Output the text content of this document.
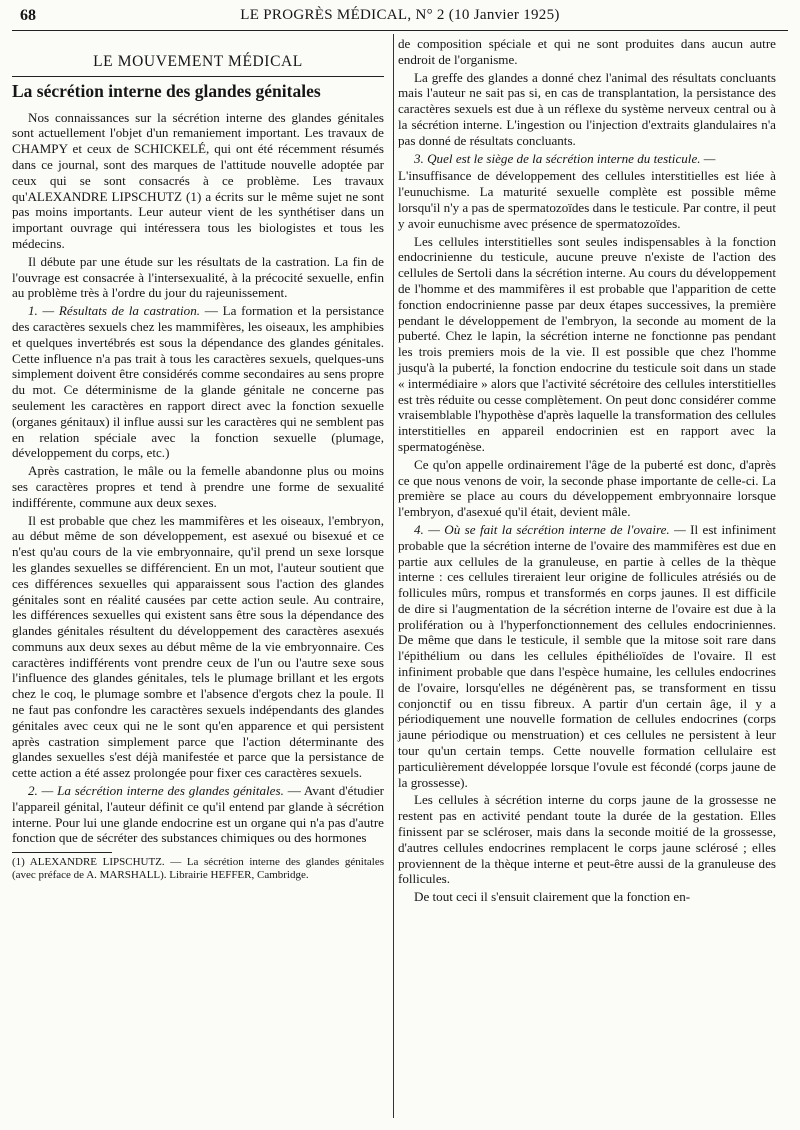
68	LE PROGRÈS MÉDICAL, N° 2 (10 Janvier 1925)
LE MOUVEMENT MÉDICAL
La sécrétion interne des glandes génitales

Nos connaissances sur la sécrétion interne des glandes génitales sont actuellement l'objet d'un remaniement important. Les travaux de CHAMPY et ceux de SCHICKELÉ, qui ont été récemment résumés dans ce journal, sont des marques de l'attitude nouvelle adoptée par ceux qui se sont consacrés à ce problème. Les travaux qu'ALEXANDRE LIPSCHUTZ (1) a écrits sur le même sujet ne sont pas moins importants. Leur auteur vient de les synthétiser dans un important ouvrage qui intéressera tous les biologistes et tous les médecins.

Il débute par une étude sur les résultats de la castration. La fin de l'ouvrage est consacrée à l'intersexualité, à la précocité sexuelle, enfin au problème très à l'ordre du jour du rajeunissement.

1. — Résultats de la castration. — La formation et la persistance des caractères sexuels chez les mammifères, les oiseaux, les amphibies et quelques invertébrés est sous la dépendance des glandes génitales. Cette influence n'a pas trait à tous les caractères sexuels, quelques-uns simplement doivent être considérés comme secondaires au sens propre du mot. Ce déterminisme de la glande génitale ne concerne pas seulement les caractères en rapport direct avec la fonction sexuelle (organes génitaux) il influe aussi sur les caractères qui ne semblent pas en relation spéciale avec la fonction sexuelle (plumage, développement du corps, etc.)

Après castration, le mâle ou la femelle abandonne plus ou moins ses caractères propres et tend à prendre une forme de sexualité indifférente, commune aux deux sexes.

Il est probable que chez les mammifères et les oiseaux, l'embryon, au début même de son développement, est asexué ou bisexué et ce n'est qu'au cours de la vie embryonnaire, qu'il prend un sexe lorsque les glandes sexuelles se différencient. En un mot, l'auteur soutient que ces différences sexuelles qui apparaissent sous l'action des glandes génitales sont en réalité causées par cette action seule. Au contraire, les différences sexuelles qui existent sans être sous la dépendance des glandes génitales résultent du développement des caractères asexués communs aux deux sexes au début même de la vie embryonnaire. Ces caractères indifférents vont prendre ceux de l'un ou l'autre sexe sous l'influence des glandes génitales, tels le plumage brillant et les ergots chez le coq, le plumage sombre et l'absence d'ergots chez la poule. Il ne faut pas confondre les caractères sexuels indépendants des glandes génitales avec ceux qui ne le sont qu'en apparence et qui persistent après castration simplement parce que l'action déterminante des glandes sexuelles s'est déjà manifestée et parce que la persistance de cette action a été assez prolongée pour fixer ces caractères sexuels.

2. — La sécrétion interne des glandes génitales. — Avant d'étudier l'appareil génital, l'auteur définit ce qu'il entend par glande à sécrétion interne. Pour lui une glande endocrine est un organe qui n'a pas d'autre fonction que de sécréter des substances chimiques ou des hormones

(1) ALEXANDRE LIPSCHUTZ. — La sécrétion interne des glandes génitales (avec préface de A. MARSHALL). Librairie HEFFER, Cambridge.

de composition spéciale et qui ne sont produites dans aucun autre endroit de l'organisme.

La greffe des glandes a donné chez l'animal des résultats concluants mais l'auteur ne sait pas si, en cas de transplantation, la persistance des caractères sexuels est due à un réflexe du système nerveux central ou à la sécrétion interne. L'ingestion ou l'injection d'extraits glandulaires n'a pas donné de résultats concluants.

3. Quel est le siège de la sécrétion interne du testicule. —

L'insuffisance de développement des cellules interstitielles est liée à l'eunuchisme. La maturité sexuelle complète est possible même lorsqu'il n'y a pas de spermatozoïdes dans le testicule. Par contre, il peut y avoir eunuchisme avec présence de spermatozoïdes.

Les cellules interstitielles sont seules indispensables à la fonction endocrinienne du testicule, aucune preuve n'existe de l'action des cellules de Sertoli dans la sécrétion interne. Au cours du développement de l'homme et des mammifères il est probable que l'apparition de cette fonction endocrinienne passe par deux étapes successives, la première pendant le développement de l'embryon, la seconde au moment de la puberté. Chez le lapin, la sécrétion interne ne fonctionne pas pendant les trois premiers mois de la vie. Il est possible que chez l'homme jusqu'à la puberté, la fonction endocrine du testicule soit dans un stade « intermédiaire » alors que l'activité sécrétoire des cellules interstitielles est très réduite ou cesse complètement. On peut donc considérer comme vraisemblable l'hypothèse d'après laquelle la transformation des cellules interstitielles en appareil endocrinien est en rapport avec la spermatogénèse.

Ce qu'on appelle ordinairement l'âge de la puberté est donc, d'après ce que nous venons de voir, la seconde phase importante de celle-ci. La première se place au cours du développement embryonnaire lorsque l'embryon, d'asexué qu'il était, devient mâle.

4. — Où se fait la sécrétion interne de l'ovaire. — Il est infiniment probable que la sécrétion interne de l'ovaire des mammifères est due en partie aux cellules de la granuleuse, en partie à celles de la thèque interne : ces cellules tireraient leur origine de follicules atrésiés ou de follicules mûrs, rompus et transformés en corps jaunes. Il est difficile de dire si l'augmentation de la sécrétion interne de l'ovaire est due à la prolifération ou à l'hyperfonctionnement des cellules endocriniennes. De même que dans le testicule, il semble que la mitose soit rare dans l'épithélium ou dans les cellules épithélioïdes de l'ovaire. Il est infiniment probable que dans l'espèce humaine, les cellules endocrines de l'ovaire, lorsqu'elles ne dégénèrent pas, se transforment en tissu conjonctif ou en tissu fibreux. A partir d'un certain âge, il y a périodiquement une nouvelle formation de cellules endocrines (corps jaune périodique ou menstruation) et ces cellules ne persistent à leur tour qu'un certain temps. Cette nouvelle formation cellulaire est particulièrement développée lorsque l'ovule est fécondé (corps jaune de la grossesse).

Les cellules à sécrétion interne du corps jaune de la grossesse ne restent pas en activité pendant toute la durée de la gestation. Elles finissent par se scléroser, mais dans la seconde moitié de la grossesse, d'autres cellules endocrines remplacent le corps jaune sclérosé ; elles proviennent de la thèque interne et peut-être aussi de la granuleuse des follicules.

De tout ceci il s'ensuit clairement que la fonction en-
